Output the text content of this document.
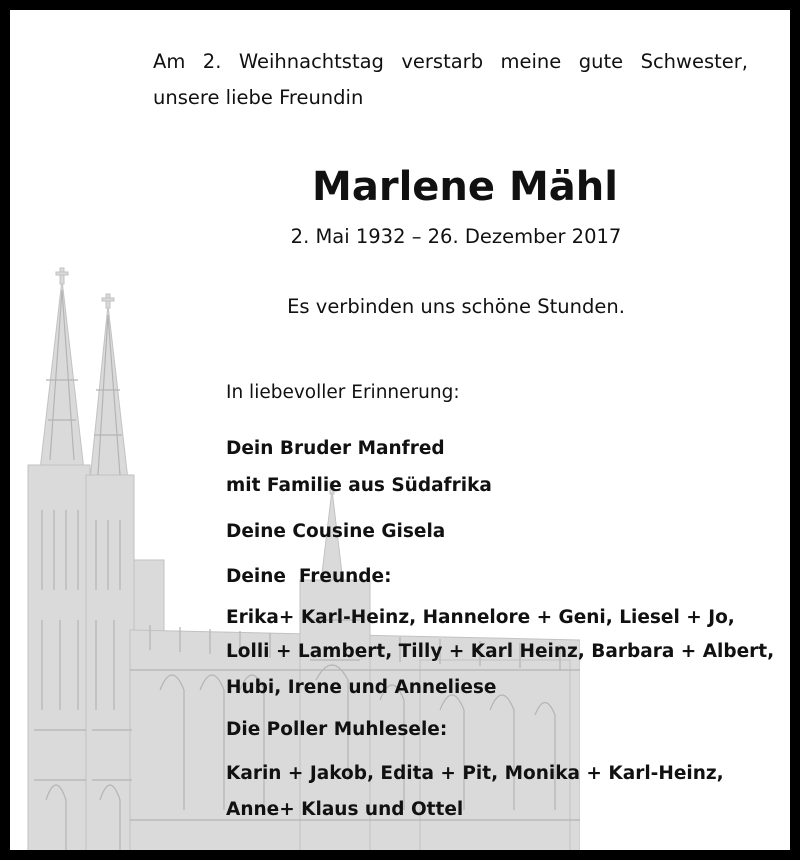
Am 2. Weihnachtstag verstarb meine gute Schwester,
unsere liebe Freundin
Marlene Mähl
2. Mai 1932 – 26. Dezember 2017
Es verbinden uns schöne Stunden.
In liebevoller Erinnerung:
Dein Bruder Manfred
mit Familie aus Südafrika
Deine Cousine Gisela
Deine  Freunde:
Erika+ Karl-Heinz, Hannelore + Geni, Liesel + Jo,
Lolli + Lambert, Tilly + Karl Heinz, Barbara + Albert,
Hubi, Irene und Anneliese
Die Poller Muhlesele:
Karin + Jakob, Edita + Pit, Monika + Karl-Heinz,
Anne+ Klaus und Ottel
